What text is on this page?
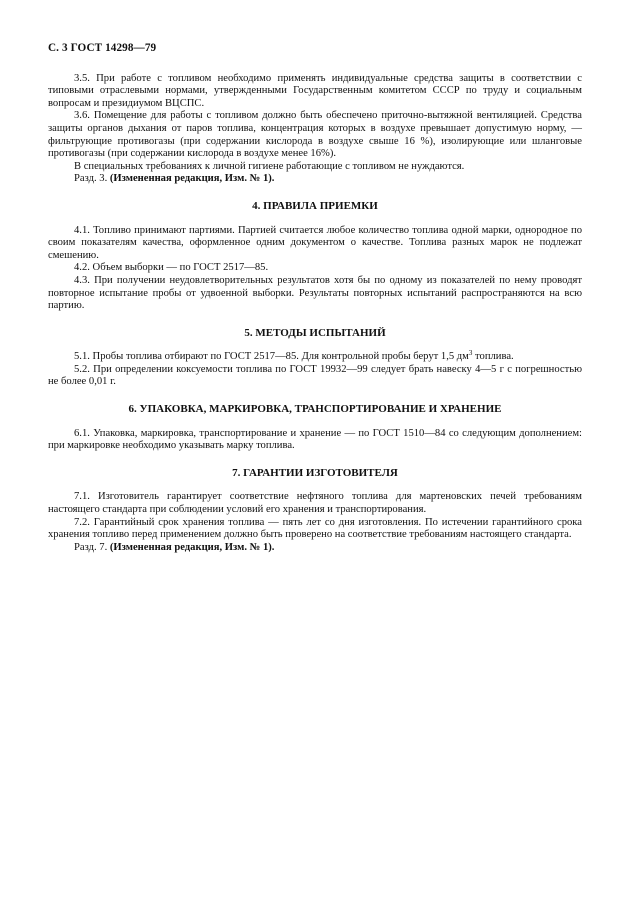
С. 3 ГОСТ 14298—79

3.5. При работе с топливом необходимо применять индивидуальные средства защиты в соответствии с типовыми отраслевыми нормами, утвержденными Государственным комитетом СССР по труду и социальным вопросам и президиумом ВЦСПС.

3.6. Помещение для работы с топливом должно быть обеспечено приточно-вытяжной вентиляцией. Средства защиты органов дыхания от паров топлива, концентрация которых в воздухе превышает допустимую норму, — фильтрующие противогазы (при содержании кислорода в воздухе свыше 16 %), изолирующие или шланговые противогазы (при содержании кислорода в воздухе менее 16%).

В специальных требованиях к личной гигиене работающие с топливом не нуждаются.

Разд. 3. (Измененная редакция, Изм. № 1).

4. ПРАВИЛА ПРИЕМКИ

4.1. Топливо принимают партиями. Партией считается любое количество топлива одной марки, однородное по своим показателям качества, оформленное одним документом о качестве. Топлива разных марок не подлежат смешению.

4.2. Объем выборки — по ГОСТ 2517—85.

4.3. При получении неудовлетворительных результатов хотя бы по одному из показателей по нему проводят повторное испытание пробы от удвоенной выборки. Результаты повторных испытаний распространяются на всю партию.

5. МЕТОДЫ ИСПЫТАНИЙ

5.1. Пробы топлива отбирают по ГОСТ 2517—85. Для контрольной пробы берут 1,5 $дм^3$ топлива.

5.2. При определении коксуемости топлива по ГОСТ 19932—99 следует брать навеску 4—5 г с погрешностью не более 0,01 г.

6. УПАКОВКА, МАРКИРОВКА, ТРАНСПОРТИРОВАНИЕ И ХРАНЕНИЕ

6.1. Упаковка, маркировка, транспортирование и хранение — по ГОСТ 1510—84 со следующим дополнением: при маркировке необходимо указывать марку топлива.

7. ГАРАНТИИ ИЗГОТОВИТЕЛЯ

7.1. Изготовитель гарантирует соответствие нефтяного топлива для мартеновских печей требованиям настоящего стандарта при соблюдении условий его хранения и транспортирования.

7.2. Гарантийный срок хранения топлива — пять лет со дня изготовления. По истечении гарантийного срока хранения топливо перед применением должно быть проверено на соответствие требованиям настоящего стандарта.

Разд. 7. (Измененная редакция, Изм. № 1).
